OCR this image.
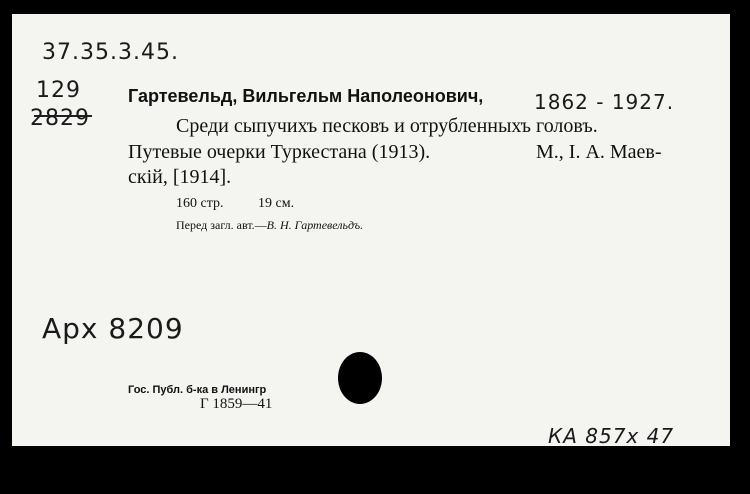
37.35.3.45.
129
2829
Гартевельд, Вильгельм Наполеонович,	1862 - 1927.
Среди сыпучихъ песковъ и отрубленныхъ головъ.
Путевые очерки Туркестана (1913).	М., І. А. Маев-
скій, [1914].
160 стр. 19 см.
Перед загл. авт.—В. Н. Гартевельдъ.
Арх 8209
Гос. Публ. б-ка в Ленингр
Г 1859—41
КА 857х 47
